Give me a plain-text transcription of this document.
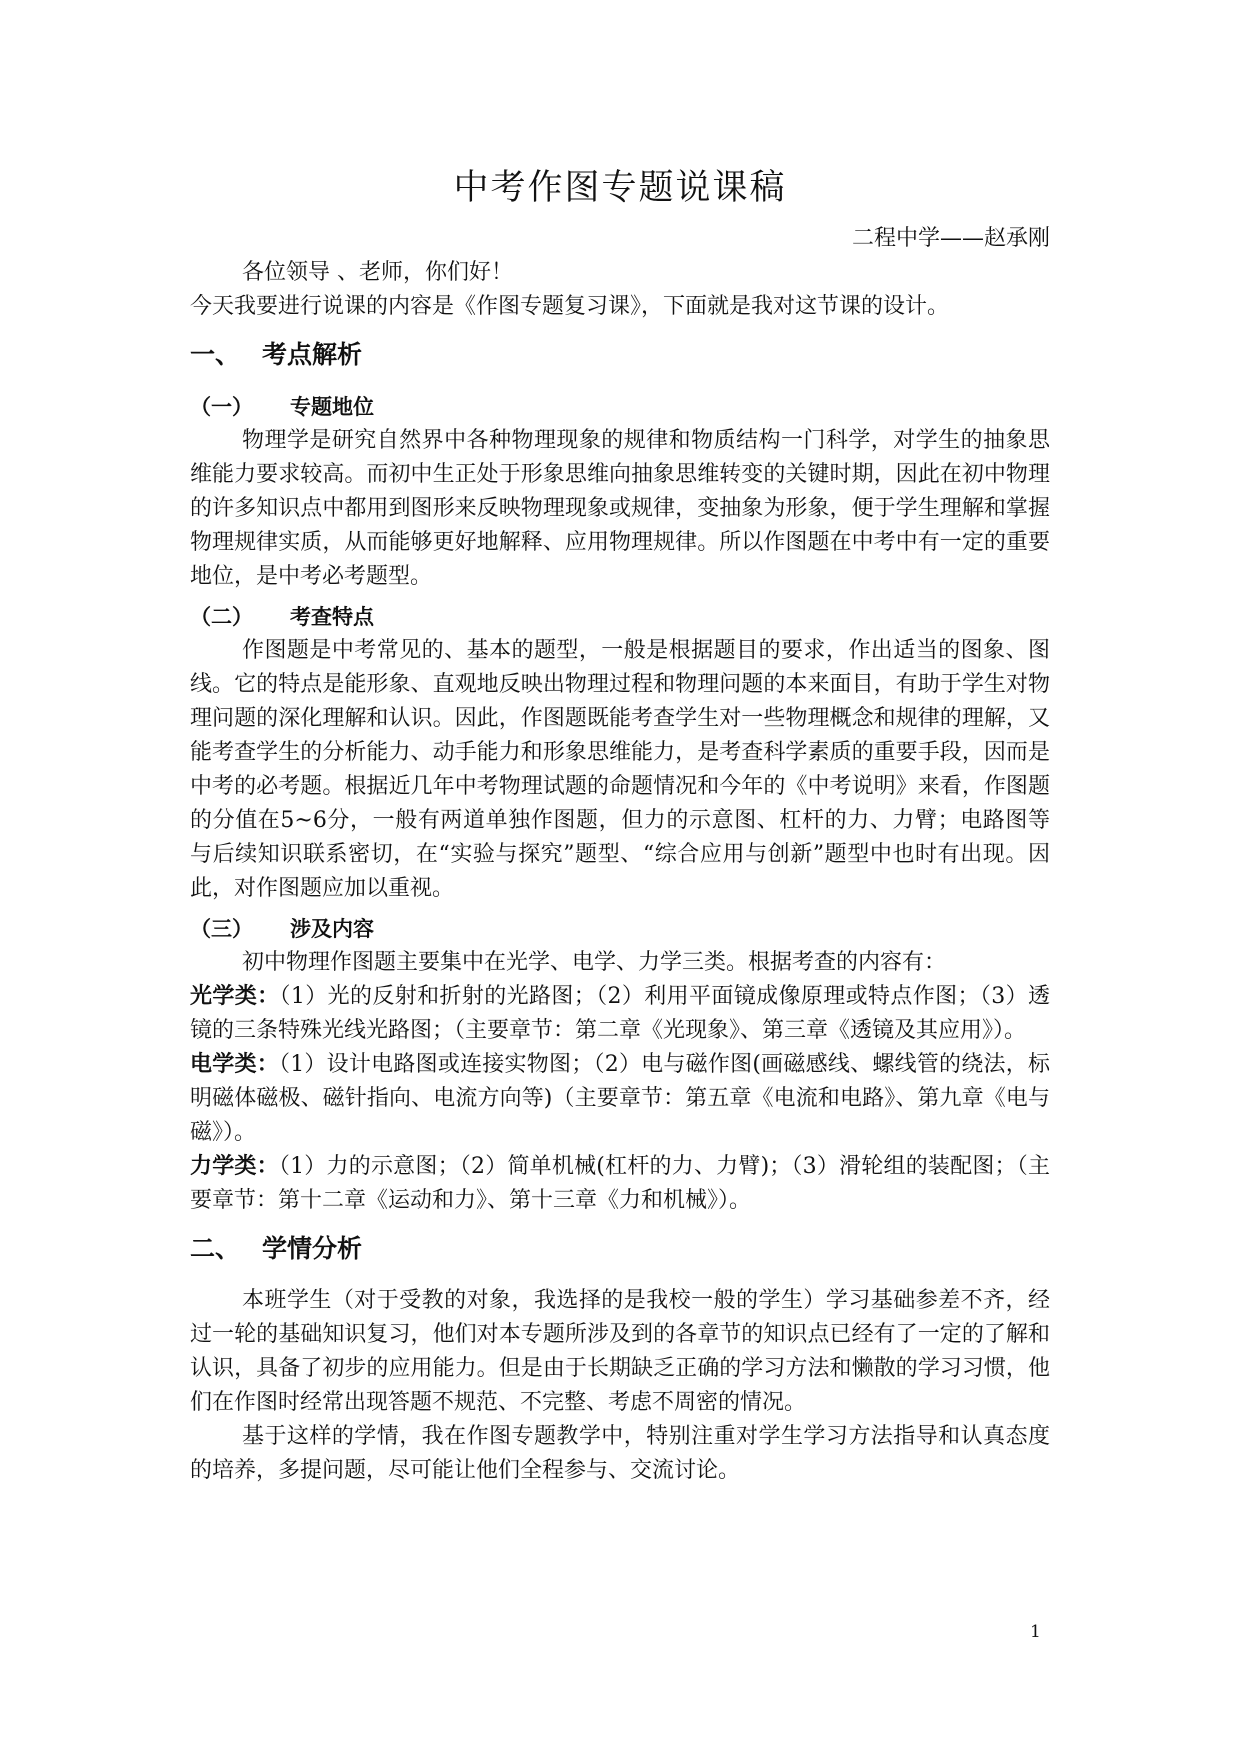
中考作图专题说课稿
二程中学——赵承刚

各位领导 、老师，你们好！

今天我要进行说课的内容是《作图专题复习课》，下面就是我对这节课的设计。

一、 考点解析
（一） 专题地位

物理学是研究自然界中各种物理现象的规律和物质结构一门科学，对学生的抽象思维能力要求较高。而初中生正处于形象思维向抽象思维转变的关键时期，因此在初中物理的许多知识点中都用到图形来反映物理现象或规律，变抽象为形象，便于学生理解和掌握物理规律实质，从而能够更好地解释、应用物理规律。所以作图题在中考中有一定的重要地位，是中考必考题型。

（二） 考查特点

作图题是中考常见的、基本的题型，一般是根据题目的要求，作出适当的图象、图线。它的特点是能形象、直观地反映出物理过程和物理问题的本来面目，有助于学生对物理问题的深化理解和认识。因此，作图题既能考查学生对一些物理概念和规律的理解，又能考查学生的分析能力、动手能力和形象思维能力，是考查科学素质的重要手段，因而是中考的必考题。根据近几年中考物理试题的命题情况和今年的《中考说明》来看，作图题的分值在5~6分，一般有两道单独作图题，但力的示意图、杠杆的力、力臂；电路图等与后续知识联系密切，在“实验与探究”题型、“综合应用与创新”题型中也时有出现。因此，对作图题应加以重视。

（三） 涉及内容

初中物理作图题主要集中在光学、电学、力学三类。根据考查的内容有：

光学类：（1）光的反射和折射的光路图；（2）利用平面镜成像原理或特点作图；（3）透镜的三条特殊光线光路图；（主要章节：第二章《光现象》、第三章《透镜及其应用》）。

电学类：（1）设计电路图或连接实物图；（2）电与磁作图(画磁感线、螺线管的绕法，标明磁体磁极、磁针指向、电流方向等)（主要章节：第五章《电流和电路》、第九章《电与磁》）。

力学类：（1）力的示意图；（2）简单机械(杠杆的力、力臂)；（3）滑轮组的装配图；（主要章节：第十二章《运动和力》、第十三章《力和机械》）。

二、 学情分析

本班学生（对于受教的对象，我选择的是我校一般的学生）学习基础参差不齐，经过一轮的基础知识复习，他们对本专题所涉及到的各章节的知识点已经有了一定的了解和认识，具备了初步的应用能力。但是由于长期缺乏正确的学习方法和懒散的学习习惯，他们在作图时经常出现答题不规范、不完整、考虑不周密的情况。

基于这样的学情，我在作图专题教学中，特别注重对学生学习方法指导和认真态度的培养，多提问题，尽可能让他们全程参与、交流讨论。

1
